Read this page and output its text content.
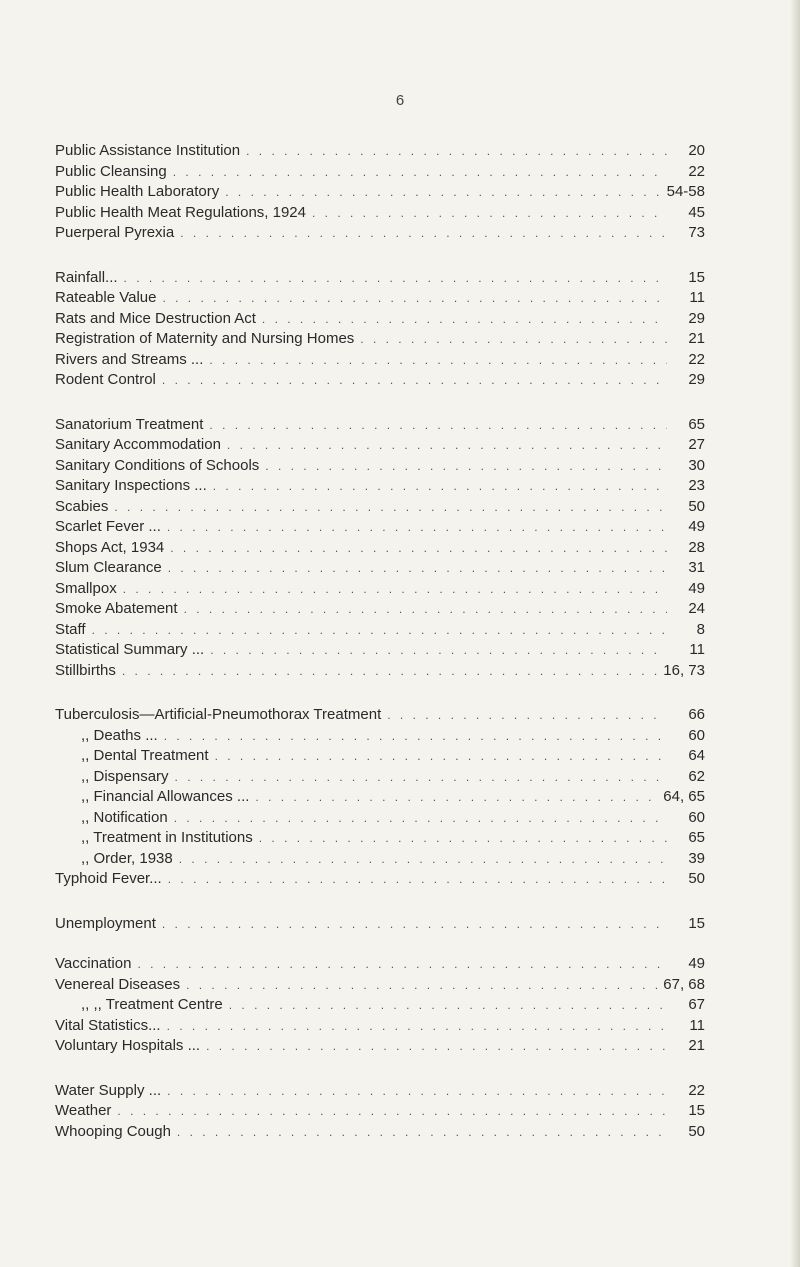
6
Public Assistance Institution . . .	20
Public Cleansing . . .	22
Public Health Laboratory . . .	54-58
Public Health Meat Regulations, 1924 . . .	45
Puerperal Pyrexia . . .	73
Rainfall... . . .	15
Rateable Value . . .	11
Rats and Mice Destruction Act . . .	29
Registration of Maternity and Nursing Homes . . .	21
Rivers and Streams ... . . .	22
Rodent Control . . .	29
Sanatorium Treatment . . .	65
Sanitary Accommodation . . .	27
Sanitary Conditions of Schools . . .	30
Sanitary Inspections ... . . .	23
Scabies . . .	50
Scarlet Fever ... . . .	49
Shops Act, 1934 . . .	28
Slum Clearance . . .	31
Smallpox . . .	49
Smoke Abatement . . .	24
Staff . . .	8
Statistical Summary ... . . .	11
Stillbirths . . .	16, 73
Tuberculosis—Artificial-Pneumothorax Treatment . . .	66
,, Deaths ... . . .	60
,, Dental Treatment . . .	64
,, Dispensary . . .	62
,, Financial Allowances ... . . .	64, 65
,, Notification . . .	60
,, Treatment in Institutions . . .	65
,, Order, 1938 . . .	39
Typhoid Fever... . . .	50
Unemployment . . .	15
Vaccination . . .	49
Venereal Diseases . . .	67, 68
,, ,, Treatment Centre . . .	67
Vital Statistics... . . .	11
Voluntary Hospitals ... . . .	21
Water Supply ... . . .	22
Weather . . .	15
Whooping Cough . . .	50
